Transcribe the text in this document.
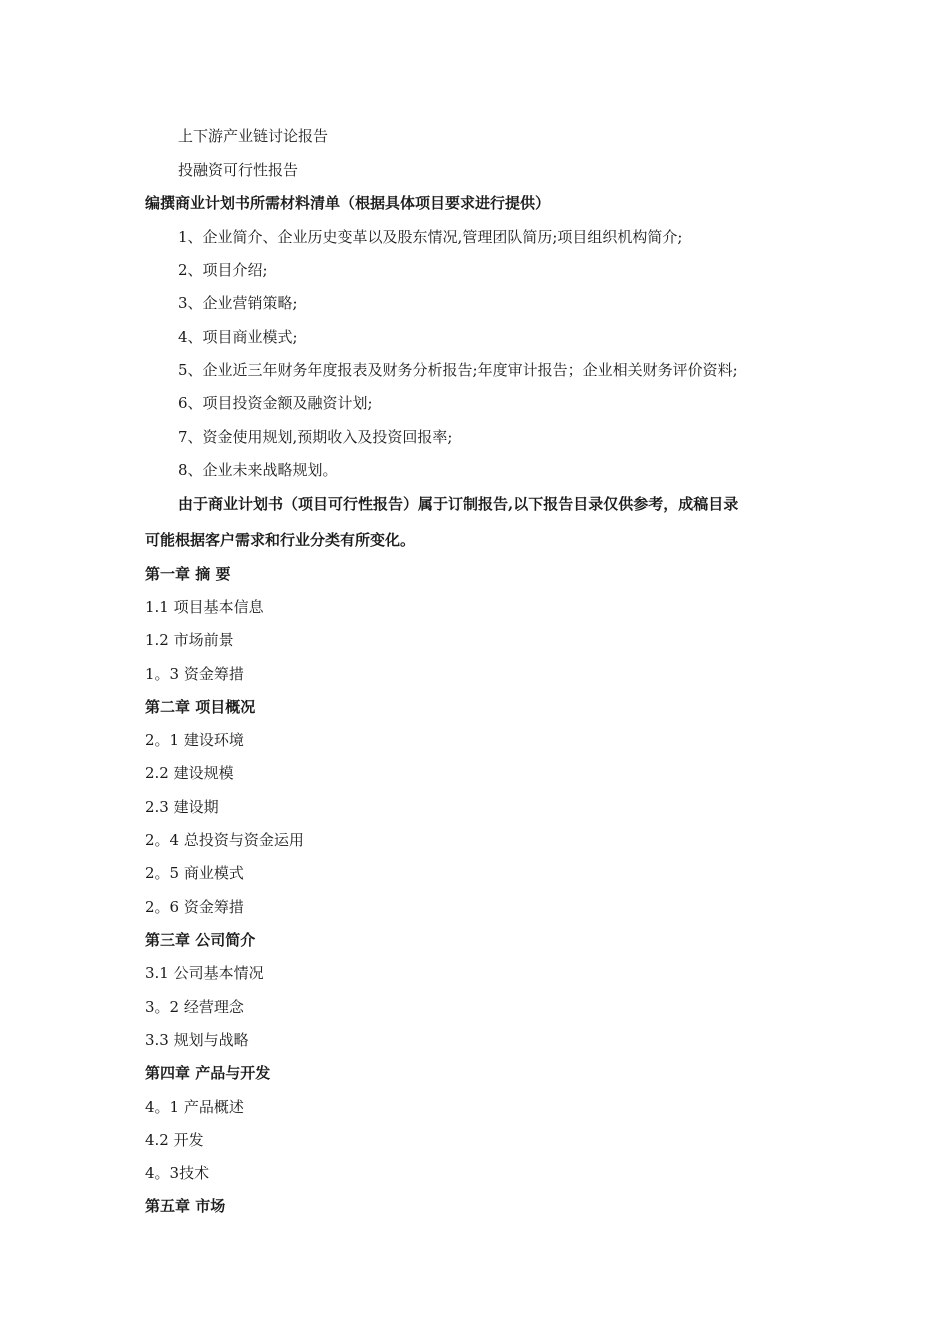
上下游产业链讨论报告
投融资可行性报告
编撰商业计划书所需材料清单（根据具体项目要求进行提供）
1、企业简介、企业历史变革以及股东情况,管理团队简历;项目组织机构简介;
2、项目介绍;
3、企业营销策略;
4、项目商业模式;
5、企业近三年财务年度报表及财务分析报告;年度审计报告；企业相关财务评价资料;
6、项目投资金额及融资计划;
7、资金使用规划,预期收入及投资回报率;
8、企业未来战略规划。
由于商业计划书（项目可行性报告）属于订制报告,以下报告目录仅供参考，成稿目录
可能根据客户需求和行业分类有所变化。
第一章 摘 要
1.1 项目基本信息
1.2 市场前景
1。3 资金筹措
第二章 项目概况
2。1 建设环境
2.2 建设规模
2.3 建设期
2。4 总投资与资金运用
2。5 商业模式
2。6 资金筹措
第三章 公司简介
3.1 公司基本情况
3。2 经营理念
3.3 规划与战略
第四章 产品与开发
4。1 产品概述
4.2 开发
4。3技术
第五章 市场
